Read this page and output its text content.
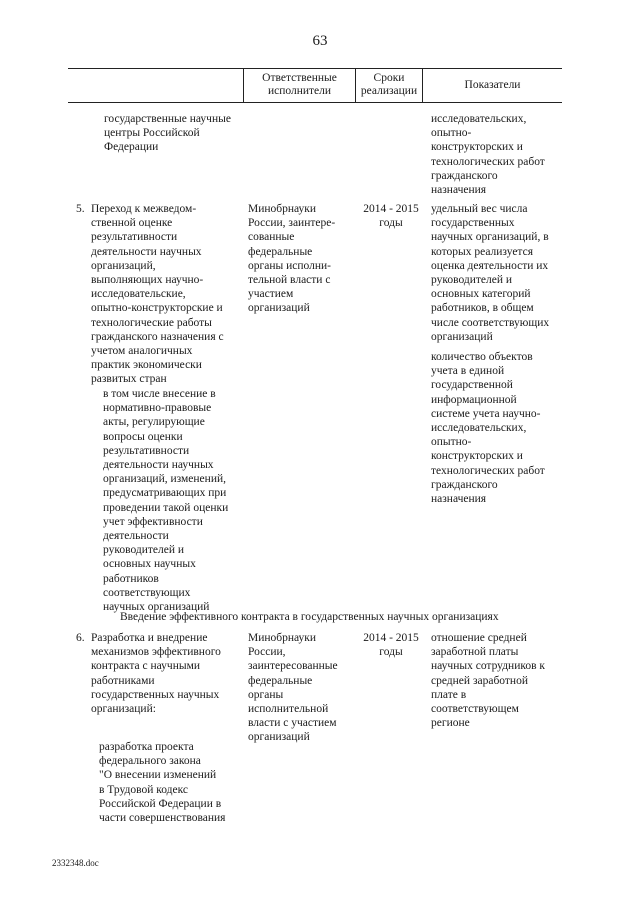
63
Ответственные
исполнители
Сроки
реализации	Показатели
государственные научные
центры Российской
Федерации
исследовательских,
опытно-
конструкторских и
технологических работ
гражданского
назначения
5. Переход к межведом-
ственной оценке
результативности
деятельности научных
организаций,
выполняющих научно-
исследовательские,
опытно-конструкторские и
технологические работы
гражданского назначения с
учетом аналогичных
практик экономически
развитых стран
в том числе внесение в
нормативно-правовые
акты, регулирующие
вопросы оценки
результативности
деятельности научных
организаций, изменений,
предусматривающих при
проведении такой оценки
учет эффективности
деятельности
руководителей и
основных научных
работников
соответствующих
научных организаций
Минобрнауки
России, заинтере-
сованные
федеральные
органы исполни-
тельной власти с
участием
организаций
2014 - 2015
годы
удельный вес числа
государственных
научных организаций, в
которых реализуется
оценка деятельности их
руководителей и
основных категорий
работников, в общем
числе соответствующих
организаций
количество объектов
учета в единой
государственной
информационной
системе учета научно-
исследовательских,
опытно-
конструкторских и
технологических работ
гражданского
назначения
Введение эффективного контракта в государственных научных организациях
6. Разработка и внедрение
механизмов эффективного
контракта с научными
работниками
государственных научных
организаций:
разработка проекта
федерального закона
"О внесении изменений
в Трудовой кодекс
Российской Федерации в
части совершенствования
Минобрнауки
России,
заинтересованные
федеральные
органы
исполнительной
власти с участием
организаций
2014 - 2015
годы
отношение средней
заработной платы
научных сотрудников к
средней заработной
плате в
соответствующем
регионе
2332348.doc
